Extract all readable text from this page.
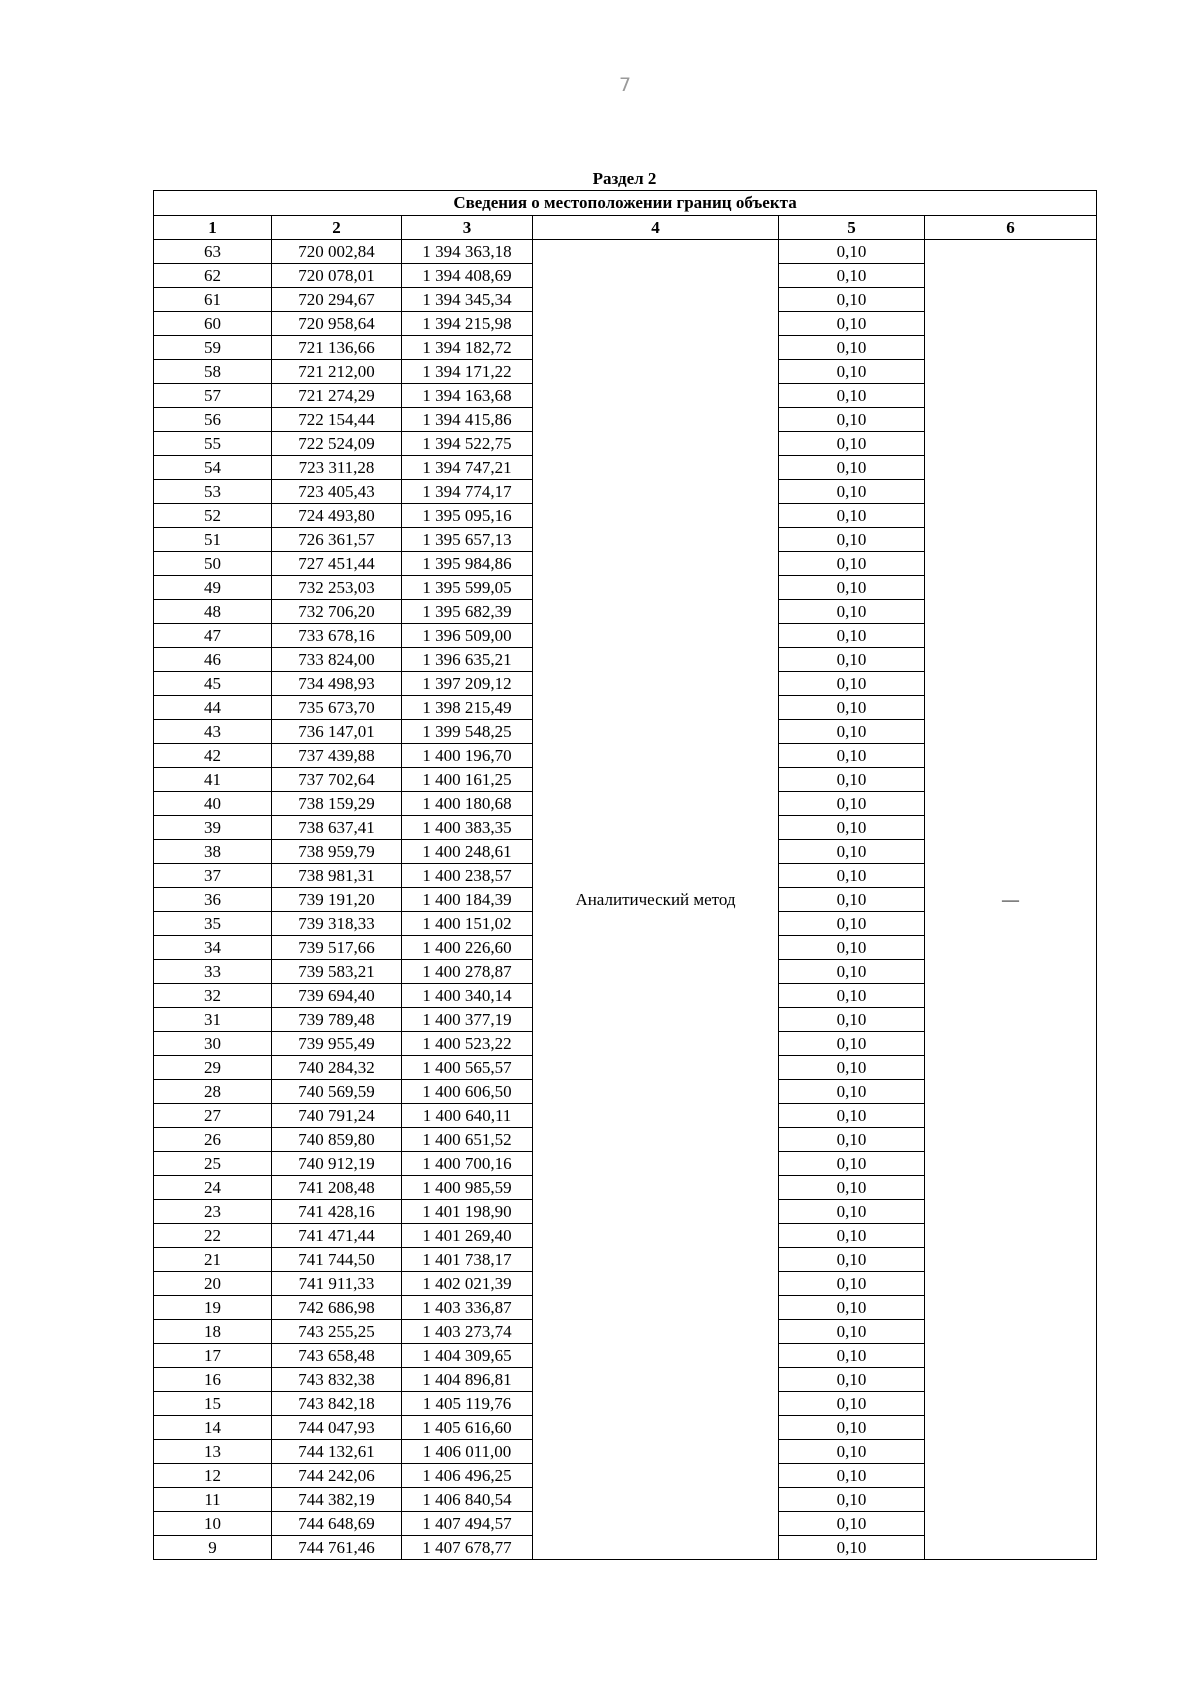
7
Раздел 2
Сведения о местоположении границ объекта					
1	2	3	4	5	6
63	720 002,84	1 394 363,18	Аналитический метод	0,10	—
62	720 078,01	1 394 408,69		0,10	
61	720 294,67	1 394 345,34		0,10	
60	720 958,64	1 394 215,98		0,10	
59	721 136,66	1 394 182,72		0,10	
58	721 212,00	1 394 171,22		0,10	
57	721 274,29	1 394 163,68		0,10	
56	722 154,44	1 394 415,86		0,10	
55	722 524,09	1 394 522,75		0,10	
54	723 311,28	1 394 747,21		0,10	
53	723 405,43	1 394 774,17		0,10	
52	724 493,80	1 395 095,16		0,10	
51	726 361,57	1 395 657,13		0,10	
50	727 451,44	1 395 984,86		0,10	
49	732 253,03	1 395 599,05		0,10	
48	732 706,20	1 395 682,39		0,10	
47	733 678,16	1 396 509,00		0,10	
46	733 824,00	1 396 635,21		0,10	
45	734 498,93	1 397 209,12		0,10	
44	735 673,70	1 398 215,49		0,10	
43	736 147,01	1 399 548,25		0,10	
42	737 439,88	1 400 196,70		0,10	
41	737 702,64	1 400 161,25		0,10	
40	738 159,29	1 400 180,68		0,10	
39	738 637,41	1 400 383,35		0,10	
38	738 959,79	1 400 248,61		0,10	
37	738 981,31	1 400 238,57		0,10	
36	739 191,20	1 400 184,39		0,10	
35	739 318,33	1 400 151,02		0,10	
34	739 517,66	1 400 226,60		0,10	
33	739 583,21	1 400 278,87		0,10	
32	739 694,40	1 400 340,14		0,10	
31	739 789,48	1 400 377,19		0,10	
30	739 955,49	1 400 523,22		0,10	
29	740 284,32	1 400 565,57		0,10	
28	740 569,59	1 400 606,50		0,10	
27	740 791,24	1 400 640,11		0,10	
26	740 859,80	1 400 651,52		0,10	
25	740 912,19	1 400 700,16		0,10	
24	741 208,48	1 400 985,59		0,10	
23	741 428,16	1 401 198,90		0,10	
22	741 471,44	1 401 269,40		0,10	
21	741 744,50	1 401 738,17		0,10	
20	741 911,33	1 402 021,39		0,10	
19	742 686,98	1 403 336,87		0,10	
18	743 255,25	1 403 273,74		0,10	
17	743 658,48	1 404 309,65		0,10	
16	743 832,38	1 404 896,81		0,10	
15	743 842,18	1 405 119,76		0,10	
14	744 047,93	1 405 616,60		0,10	
13	744 132,61	1 406 011,00		0,10	
12	744 242,06	1 406 496,25		0,10	
11	744 382,19	1 406 840,54		0,10	
10	744 648,69	1 407 494,57		0,10	
9	744 761,46	1 407 678,77		0,10	
